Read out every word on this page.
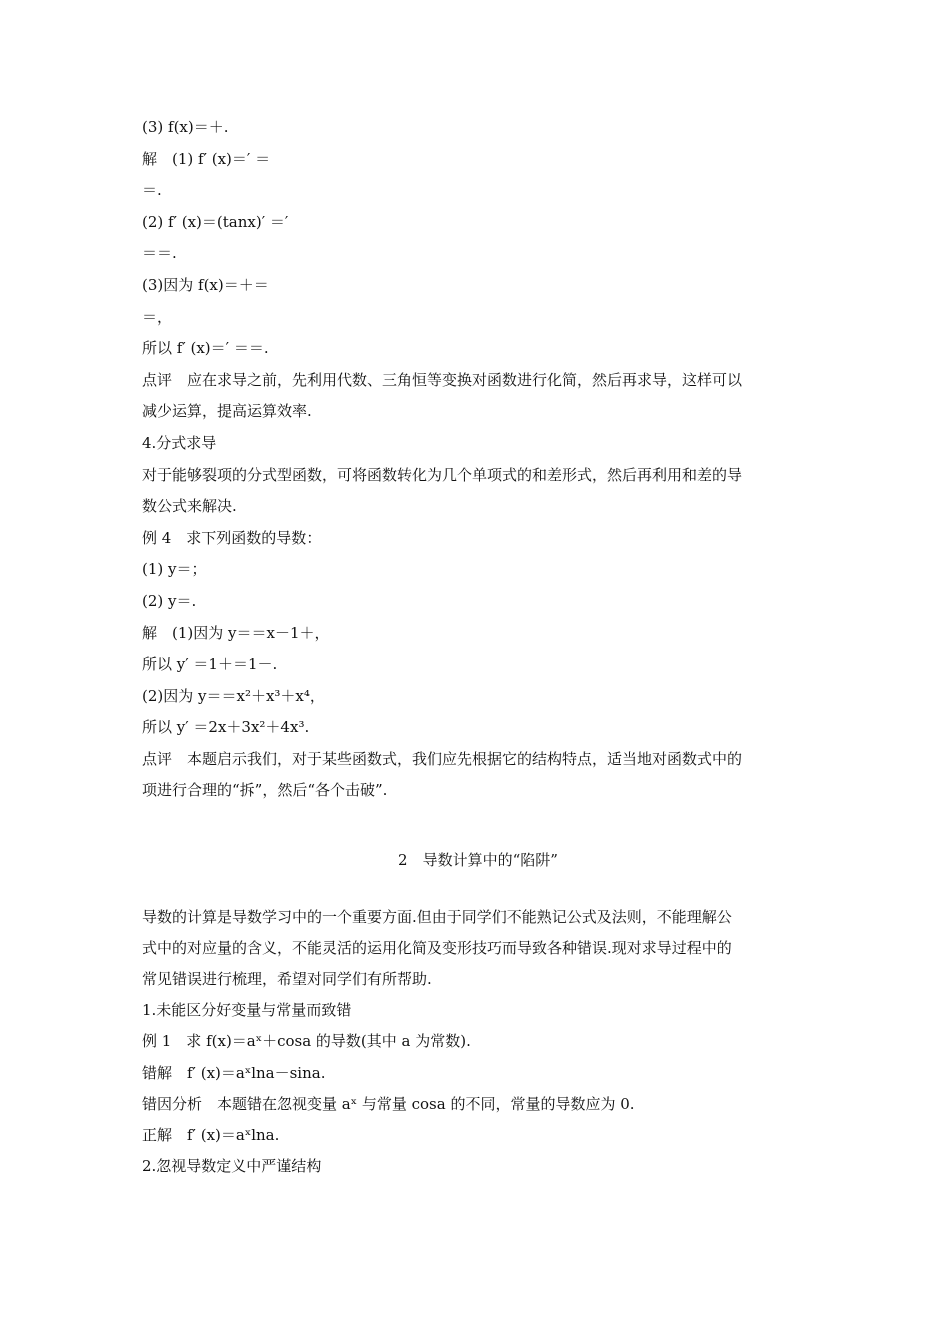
(3) f(x)＝＋.
解　(1) f′ (x)＝′ ＝
＝.
(2) f′ (x)＝(tanx)′ ＝′
＝＝.
(3)因为 f(x)＝＋＝
＝，
所以 f′ (x)＝′ ＝＝.
点评　应在求导之前，先利用代数、三角恒等变换对函数进行化简，然后再求导，这样可以
减少运算，提高运算效率.
4.分式求导
对于能够裂项的分式型函数，可将函数转化为几个单项式的和差形式，然后再利用和差的导
数公式来解决.
例 4　求下列函数的导数：
(1) y＝；
(2) y＝.
解　(1)因为 y＝＝x－1＋，
所以 y′ ＝1＋＝1－.
(2)因为 y＝＝x²＋x³＋x⁴，
所以 y′ ＝2x＋3x²＋4x³.
点评　本题启示我们，对于某些函数式，我们应先根据它的结构特点，适当地对函数式中的
项进行合理的“拆”，然后“各个击破”.
2　导数计算中的“陷阱”
导数的计算是导数学习中的一个重要方面.但由于同学们不能熟记公式及法则，不能理解公
式中的对应量的含义，不能灵活的运用化简及变形技巧而导致各种错误.现对求导过程中的
常见错误进行梳理，希望对同学们有所帮助.
1.未能区分好变量与常量而致错
例 1　求 f(x)＝aˣ＋cosa 的导数(其中 a 为常数).
错解　f′ (x)＝aˣlna－sina.
错因分析　本题错在忽视变量 aˣ 与常量 cosa 的不同，常量的导数应为 0.
正解　f′ (x)＝aˣlna.
2.忽视导数定义中严谨结构
